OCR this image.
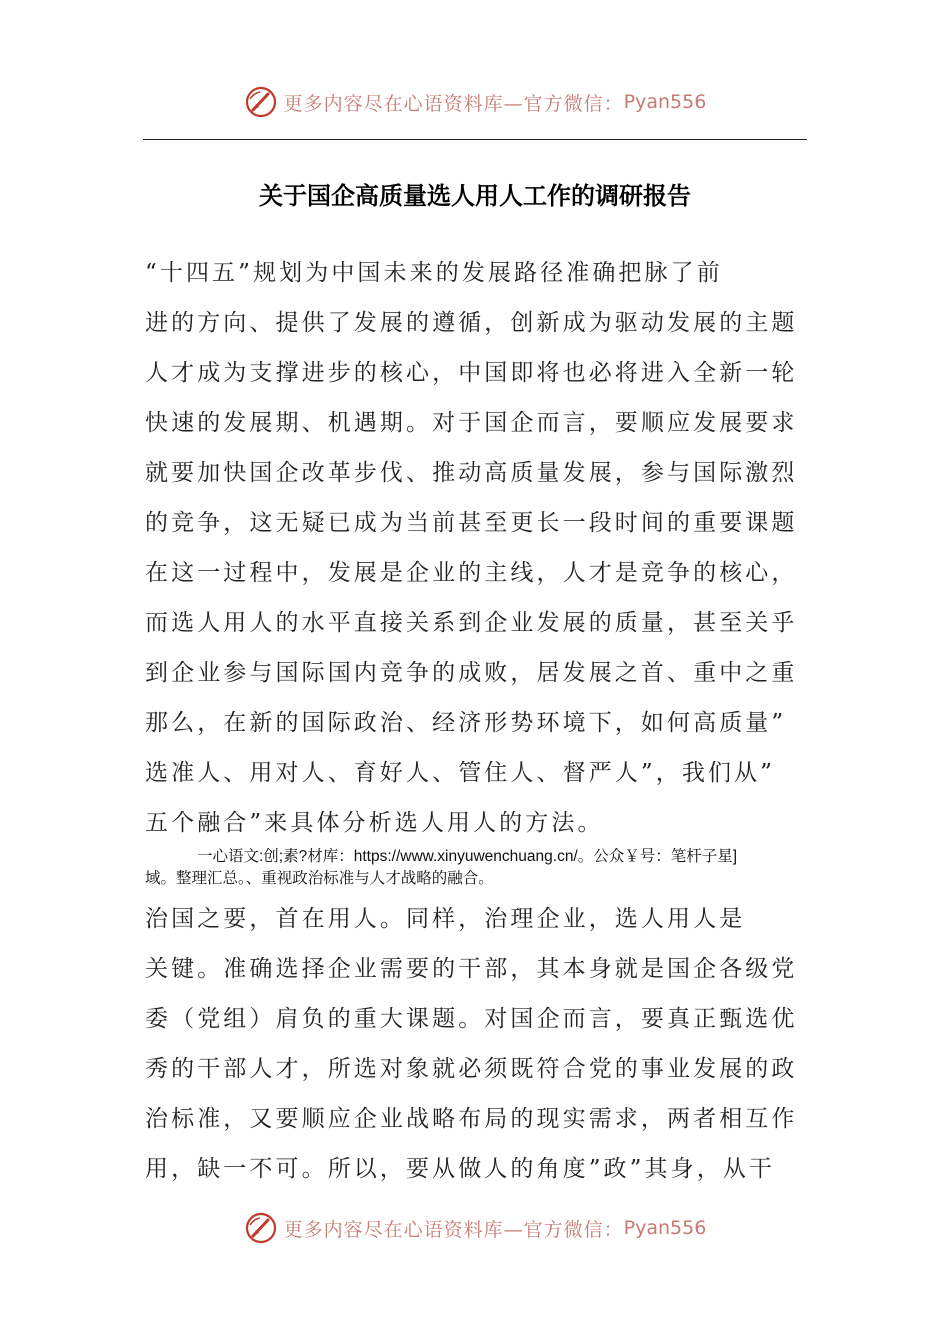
更多内容尽在心语资料库—官方微信： Pyan556
关于国企高质量选人用人工作的调研报告
“十四五”规划为中国未来的发展路径准确把脉了前
进的方向、提供了发展的遵循，创新成为驱动发展的主题
人才成为支撑进步的核心，中国即将也必将进入全新一轮
快速的发展期、机遇期。对于国企而言，要顺应发展要求
就要加快国企改革步伐、推动高质量发展，参与国际激烈
的竞争，这无疑已成为当前甚至更长一段时间的重要课题
在这一过程中，发展是企业的主线，人才是竞争的核心，
而选人用人的水平直接关系到企业发展的质量，甚至关乎
到企业参与国际国内竞争的成败，居发展之首、重中之重
那么，在新的国际政治、经济形势环境下，如何高质量”
选准人、用对人、育好人、管住人、督严人”，我们从”
五个融合”来具体分析选人用人的方法。
一心语文:创;素?材库：https://www.xinyuwenchuang.cn/。公众￥号：笔杆子星]
域。整理汇总。、重视政治标准与人才战略的融合。
治国之要，首在用人。同样，治理企业，选人用人是
关键。准确选择企业需要的干部，其本身就是国企各级党
委（党组）肩负的重大课题。对国企而言，要真正甄选优
秀的干部人才，所选对象就必须既符合党的事业发展的政
治标准，又要顺应企业战略布局的现实需求，两者相互作
用，缺一不可。所以，要从做人的角度”政”其身，从干
更多内容尽在心语资料库—官方微信： Pyan556
